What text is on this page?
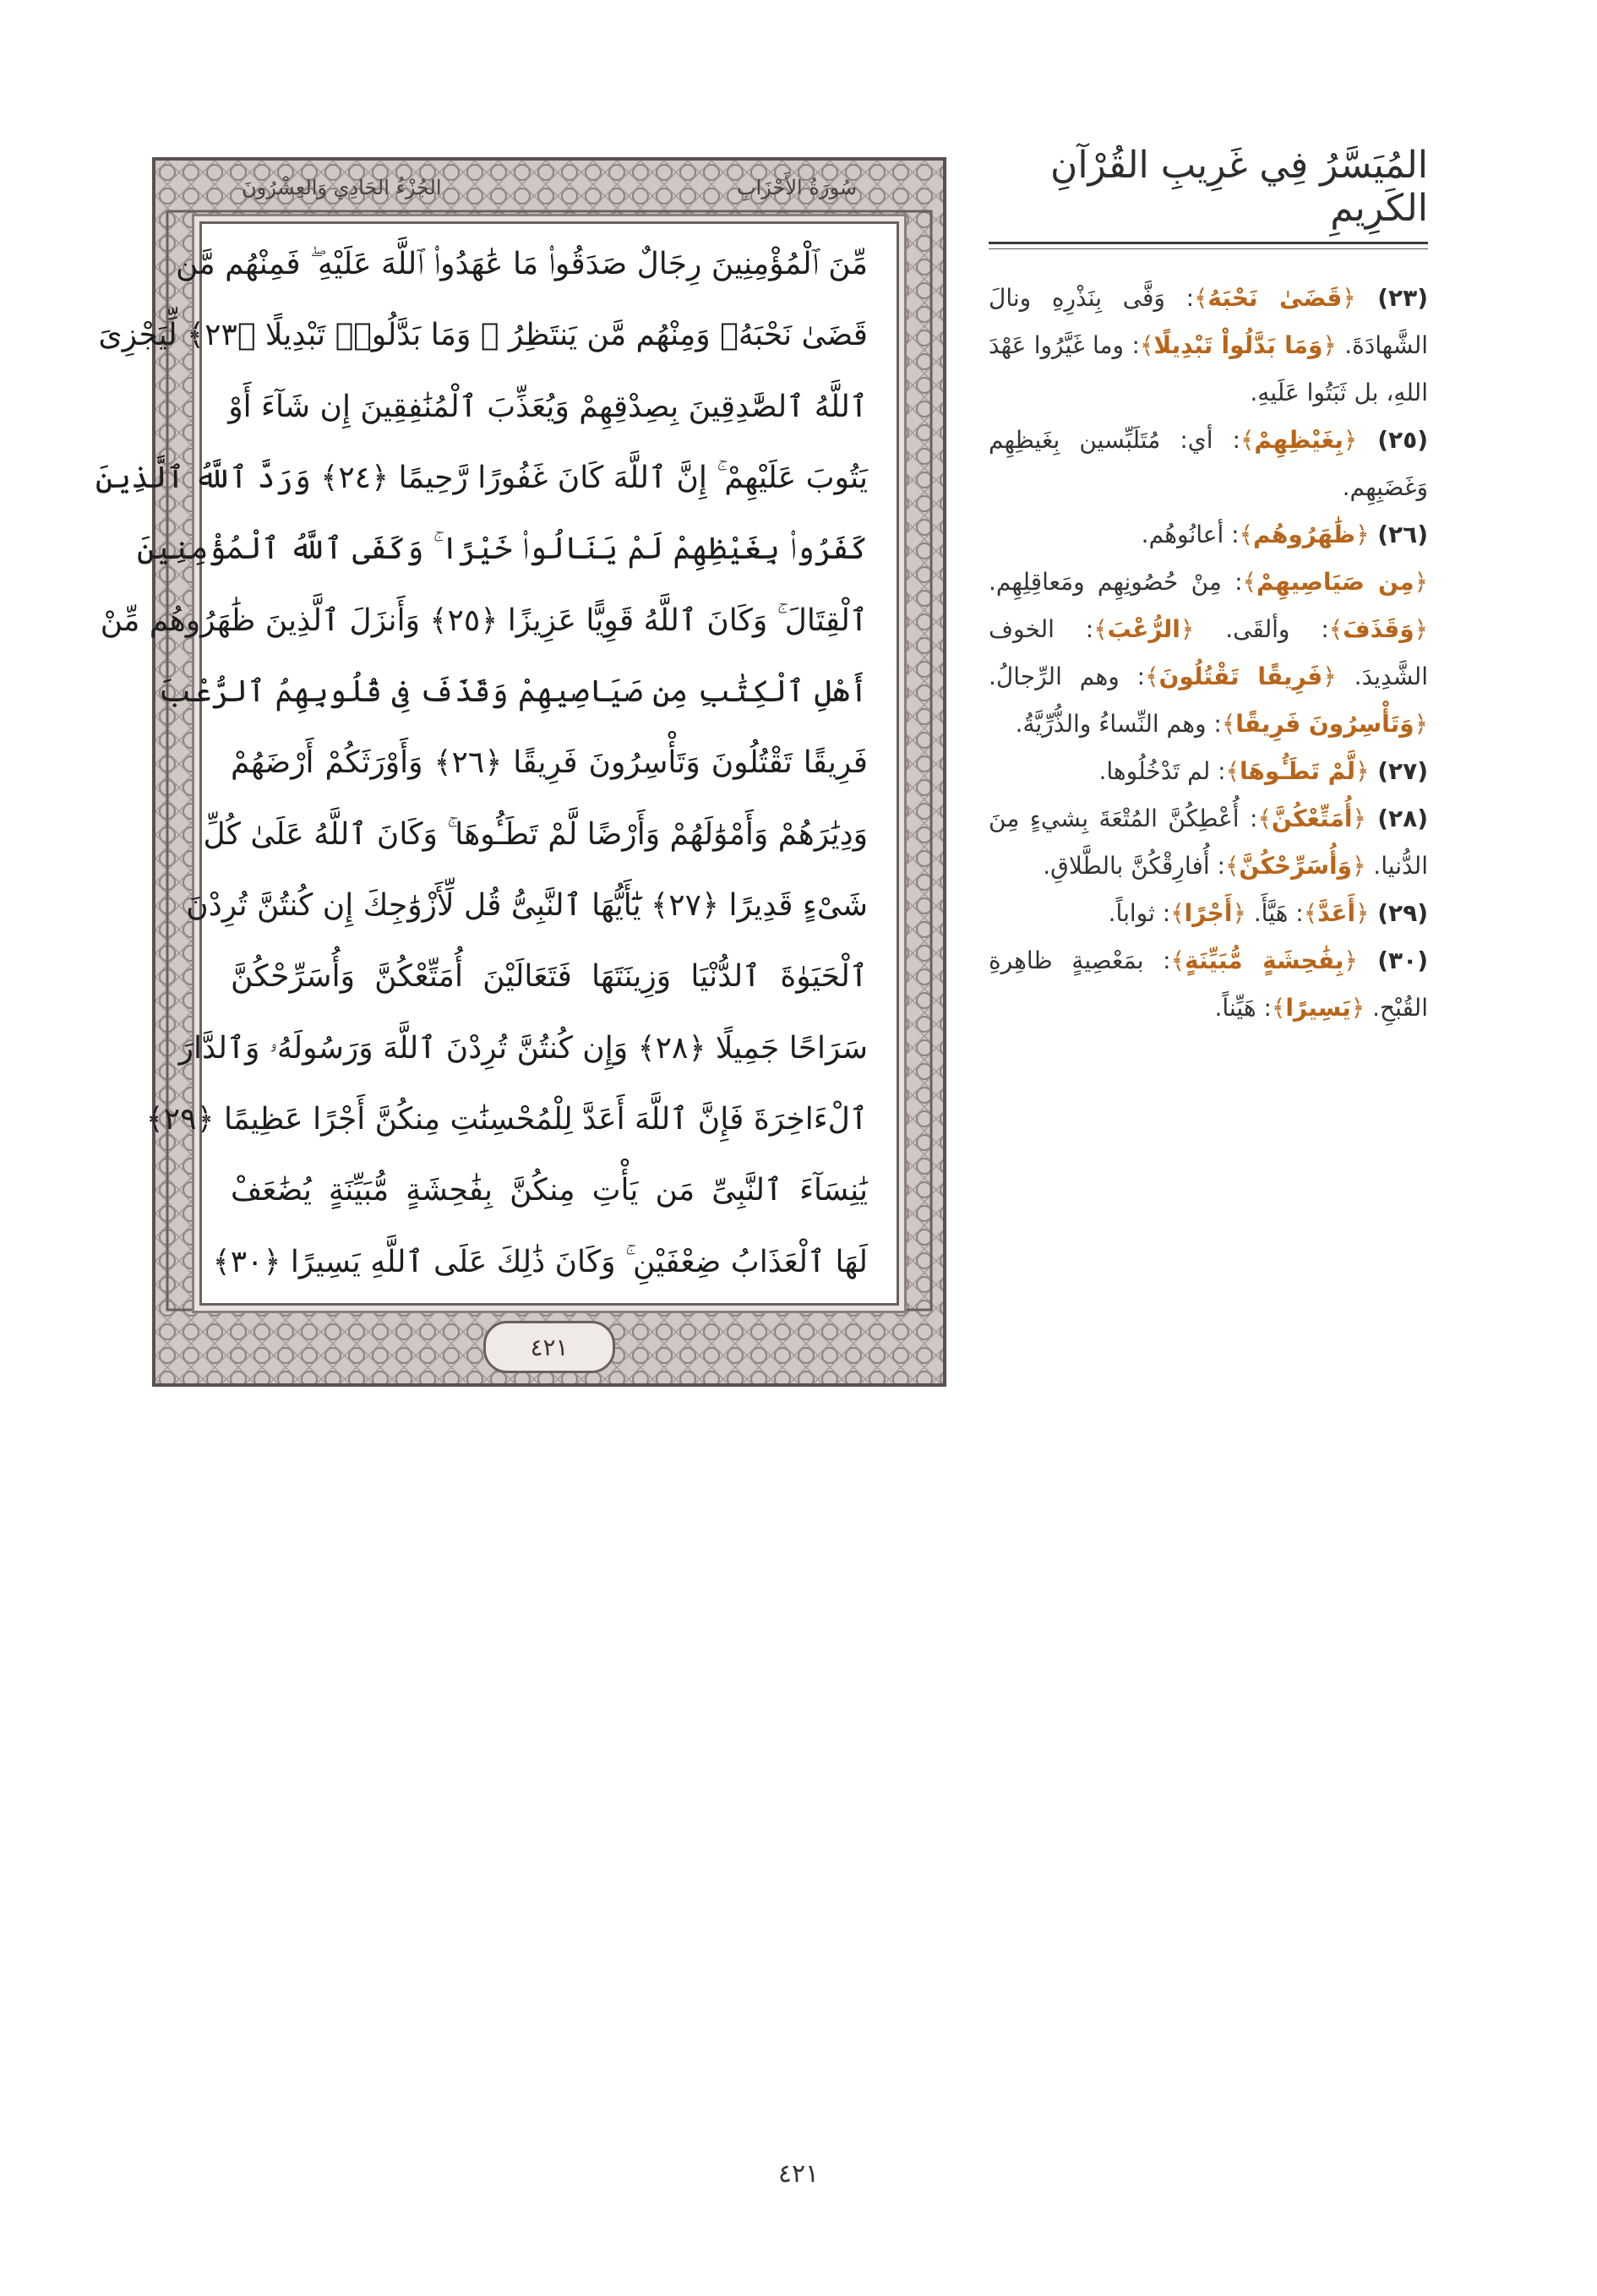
الجُزْءُ الحَادِي وَالعِشْرُونَ	سُورَةُ الأَحْزَابِ
مِّنَ ٱلْمُؤْمِنِينَ رِجَالٌ صَدَقُوا۟ مَا عَٰهَدُوا۟ ٱللَّهَ عَلَيْهِ ۖ فَمِنْهُم مَّن
قَضَىٰ نَحْبَهُۥ وَمِنْهُم مَّن يَنتَظِرُ ۖ وَمَا بَدَّلُوا۟ تَبْدِيلًا ﴿٢٣﴾ لِّيَجْزِىَ
ٱللَّهُ ٱلصَّٰدِقِينَ بِصِدْقِهِمْ وَيُعَذِّبَ ٱلْمُنَٰفِقِينَ إِن شَآءَ أَوْ
يَتُوبَ عَلَيْهِمْ ۚ إِنَّ ٱللَّهَ كَانَ غَفُورًا رَّحِيمًا ﴿٢٤﴾ وَرَدَّ ٱللَّهُ ٱلَّذِينَ
كَفَرُوا۟ بِغَيْظِهِمْ لَمْ يَنَالُوا۟ خَيْرًا ۚ وَكَفَى ٱللَّهُ ٱلْمُؤْمِنِينَ
ٱلْقِتَالَ ۚ وَكَانَ ٱللَّهُ قَوِيًّا عَزِيزًا ﴿٢٥﴾ وَأَنزَلَ ٱلَّذِينَ ظَٰهَرُوهُم مِّنْ
أَهْلِ ٱلْكِتَٰبِ مِن صَيَاصِيهِمْ وَقَذَفَ فِى قُلُوبِهِمُ ٱلرُّعْبَ
فَرِيقًا تَقْتُلُونَ وَتَأْسِرُونَ فَرِيقًا ﴿٢٦﴾ وَأَوْرَثَكُمْ أَرْضَهُمْ
وَدِيَٰرَهُمْ وَأَمْوَٰلَهُمْ وَأَرْضًا لَّمْ تَطَـُٔوهَا ۚ وَكَانَ ٱللَّهُ عَلَىٰ كُلِّ
شَىْءٍ قَدِيرًا ﴿٢٧﴾ يَٰٓأَيُّهَا ٱلنَّبِىُّ قُل لِّأَزْوَٰجِكَ إِن كُنتُنَّ تُرِدْنَ
ٱلْحَيَوٰةَ ٱلدُّنْيَا وَزِينَتَهَا فَتَعَالَيْنَ أُمَتِّعْكُنَّ وَأُسَرِّحْكُنَّ
سَرَاحًا جَمِيلًا ﴿٢٨﴾ وَإِن كُنتُنَّ تُرِدْنَ ٱللَّهَ وَرَسُولَهُۥ وَٱلدَّارَ
ٱلْءَاخِرَةَ فَإِنَّ ٱللَّهَ أَعَدَّ لِلْمُحْسِنَٰتِ مِنكُنَّ أَجْرًا عَظِيمًا ﴿٢٩﴾
يَٰنِسَآءَ ٱلنَّبِىِّ مَن يَأْتِ مِنكُنَّ بِفَٰحِشَةٍ مُّبَيِّنَةٍ يُضَٰعَفْ
لَهَا ٱلْعَذَابُ ضِعْفَيْنِ ۚ وَكَانَ ذَٰلِكَ عَلَى ٱللَّهِ يَسِيرًا ﴿٣٠﴾
٤٢١
المُيَسَّرُ فِي غَرِيبِ القُرْآنِ الكَرِيمِ
(٢٣) ﴿قَضَىٰ نَحْبَهُ﴾: وَفَّى بِنَذْرِهِ ونالَ الشَّهادَةَ. ﴿وَمَا بَدَّلُواْ تَبْدِيلًا﴾: وما غَيَّرُوا عَهْدَ اللهِ، بل ثَبَتُوا عَلَيهِ.
(٢٥) ﴿بِغَيْظِهِمْ﴾: أي: مُتَلَبِّسين بِغَيظِهِم وَغَضَبِهِم.
(٢٦) ﴿ظَٰهَرُوهُم﴾: أعانُوهُم.
﴿مِن صَيَاصِيهِمْ﴾: مِنْ حُصُونِهِم ومَعاقِلِهِم. ﴿وَقَذَفَ﴾: وألقَى. ﴿الرُّعْبَ﴾: الخوف الشَّدِيدَ. ﴿فَرِيقًا تَقْتُلُونَ﴾: وهم الرِّجالُ. ﴿وَتَأْسِرُونَ فَرِيقًا﴾: وهم النِّساءُ والذُّرِّيَّةُ.
(٢٧) ﴿لَّمْ تَطَـُٔوهَا﴾: لم تَدْخُلُوها.
(٢٨) ﴿أُمَتِّعْكُنَّ﴾: أُعْطِكُنَّ المُتْعَةَ بِشيءٍ مِنَ الدُّنيا. ﴿وَأُسَرِّحْكُنَّ﴾: أُفارِقْكُنَّ بالطَّلاقِ.
(٢٩) ﴿أَعَدَّ﴾: هَيَّأَ. ﴿أَجْرًا﴾: ثواباً.
(٣٠) ﴿بِفَٰحِشَةٍ مُّبَيِّنَةٍ﴾: بمَعْصِيةٍ ظاهِرةِ القُبْحِ. ﴿يَسِيرًا﴾: هَيِّناً.
٤٢١
